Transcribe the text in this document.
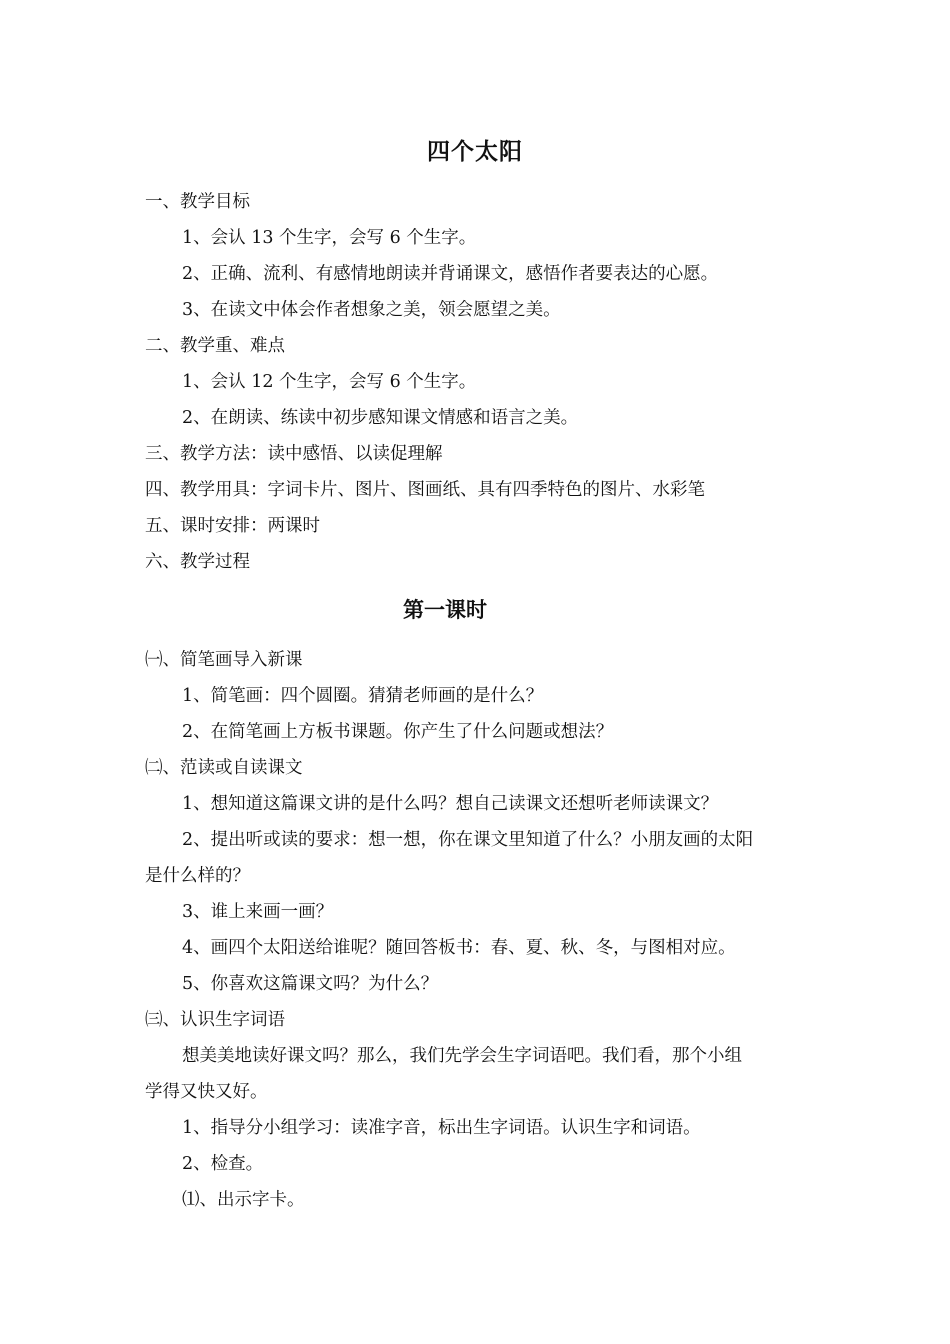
四个太阳
一、教学目标
1、会认 13 个生字，会写 6 个生字。
2、正确、流利、有感情地朗读并背诵课文，感悟作者要表达的心愿。
3、在读文中体会作者想象之美，领会愿望之美。
二、教学重、难点
1、会认 12 个生字，会写 6 个生字。
2、在朗读、练读中初步感知课文情感和语言之美。
三、教学方法：读中感悟、以读促理解
四、教学用具：字词卡片、图片、图画纸、具有四季特色的图片、水彩笔
五、课时安排：两课时
六、教学过程
第一课时
㈠、简笔画导入新课
1、简笔画：四个圆圈。猜猜老师画的是什么？
2、在简笔画上方板书课题。你产生了什么问题或想法？
㈡、范读或自读课文
1、想知道这篇课文讲的是什么吗？想自己读课文还想听老师读课文？
2、提出听或读的要求：想一想，你在课文里知道了什么？小朋友画的太阳
是什么样的？
3、谁上来画一画？
4、画四个太阳送给谁呢？随回答板书：春、夏、秋、冬，与图相对应。
5、你喜欢这篇课文吗？为什么？
㈢、认识生字词语
想美美地读好课文吗？那么，我们先学会生字词语吧。我们看，那个小组
学得又快又好。
1、指导分小组学习：读准字音，标出生字词语。认识生字和词语。
2、检查。
⑴、出示字卡。
